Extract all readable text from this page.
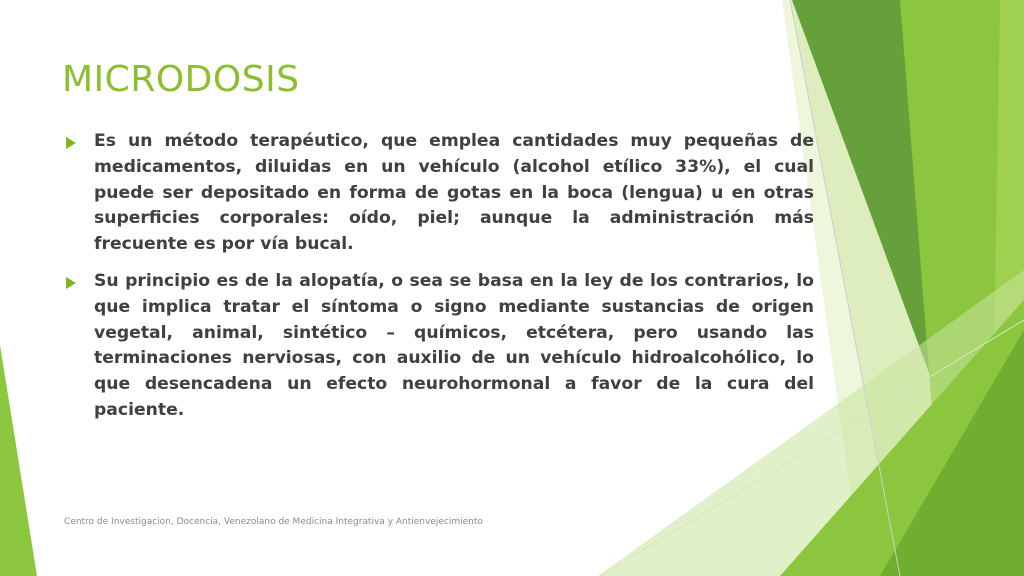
MICRODOSIS
Es un método terapéutico, que emplea cantidades muy pequeñas de medicamentos, diluidas en un vehículo (alcohol etílico 33%), el cual puede ser depositado en forma de gotas en la boca (lengua) u en otras superficies corporales: oído, piel; aunque la administración más frecuente es por vía bucal.
Su principio es de la alopatía, o sea se basa en la ley de los contrarios, lo que implica tratar el síntoma o signo mediante sustancias de origen vegetal, animal, sintético – químicos, etcétera, pero usando las terminaciones nerviosas, con auxilio de un vehículo hidroalcohólico, lo que desencadena un efecto neurohormonal a favor de la cura del paciente.
Centro de Investigacion, Docencia, Venezolano de Medicina Integrativa y Antienvejecimiento
